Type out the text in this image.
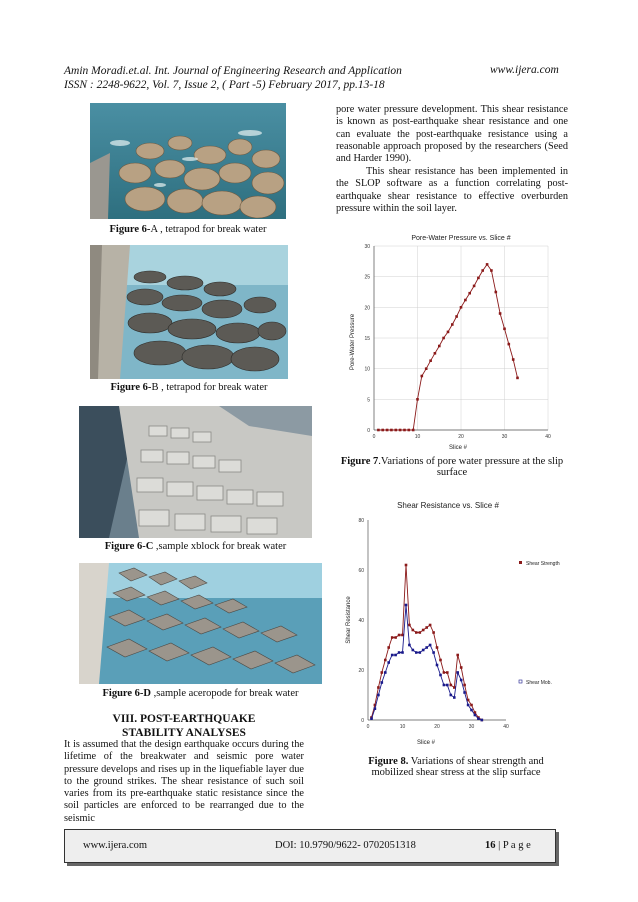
Amin Moradi.et.al. Int. Journal of Engineering Research and Application	www.ijera.com
ISSN : 2248-9622, Vol. 7, Issue 2, ( Part -5) February 2017, pp.13-18
Figure 6-A , tetrapod for break water
Figure 6-B , tetrapod for break water
Figure 6-C ,sample xblock for break water
Figure 6-D ,sample aceropode for break water
VIII. POST-EARTHQUAKE
STABILITY ANALYSES
It is assumed that the design earthquake occurs during the lifetime of the breakwater and seismic pore water pressure develops and rises up in the liquefiable layer due to the ground strikes. The shear resistance of such soil varies from its pre-earthquake static resistance since the soil particles are enforced to be rearranged due to the seismic
pore water pressure development. This shear resistance is known as post-earthquake shear resistance and one can evaluate the post-earthquake resistance using a reasonable approach proposed by the researchers (Seed and Harder 1990).
This shear resistance has been implemented in the SLOP software as a function correlating post-earthquake shear resistance to effective overburden pressure within the soil layer.
Pore-Water Pressure vs. Slice #
Slice #
Pore-Water Pressure
0	10	20	30	40
0
5
10
15
20
25
30
Figure 7.Variations of pore water pressure at the slip surface
Shear Resistance vs. Slice #
Slice #
Shear Resistance
Shear Strength
Shear Mob.
0	10	20	30	40
0
20
40
60
80
Figure 8. Variations of shear strength and mobilized shear stress at the slip surface
www.ijera.com	DOI: 10.9790/9622- 0702051318	16 | P a g e
